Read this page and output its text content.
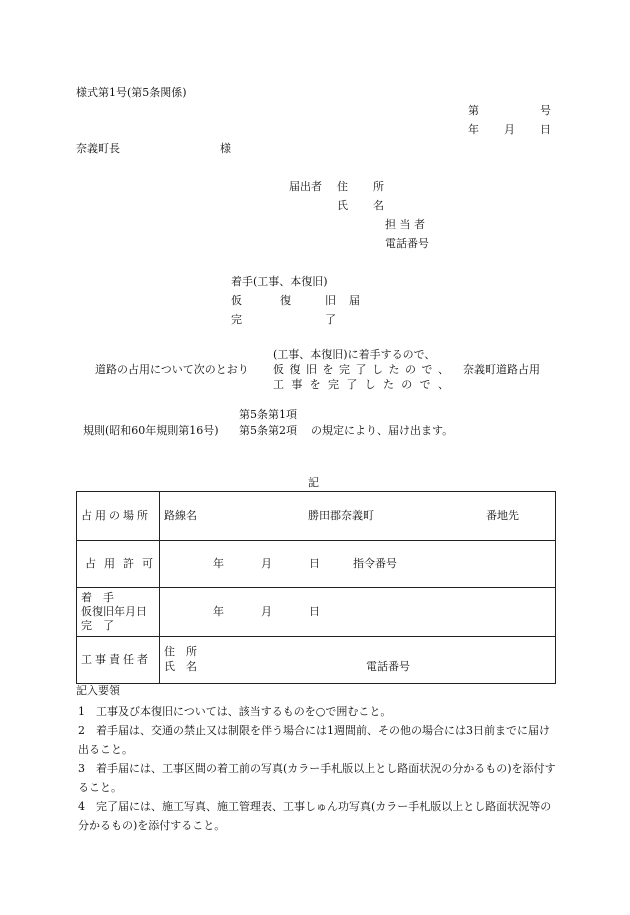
様式第1号(第5条関係)
第	号
年 月 日
奈義町長	様
届出者 住 所
氏 名
担 当 者
電話番号
着手(工事、本復旧)
仮	復	旧 届
完	了
(工事、本復旧)に着手するので、
道路の占用について次のとおり 仮 復 旧 を 完 了 し た の で 、 奈義町道路占用
工 事 を 完 了 し た の で 、
第5条第1項
規則(昭和60年規則第16号) 第5条第2項 の規定により、届け出ます。
記
占用の場所	路線名 勝田郡奈義町 番地先

占用許可	年 月 日 指令番号

着　手
仮復旧年月日
完　了	年 月 日

工事責任者	住　所
氏　名 電話番号
記入要領
1　工事及び本復旧については、該当するものを○で囲むこと。
2　着手届は、交通の禁止又は制限を伴う場合には1週間前、その他の場合には3日前までに届け出ること。
3　着手届には、工事区間の着工前の写真(カラー手札版以上とし路面状況の分かるもの)を添付すること。
4　完了届には、施工写真、施工管理表、工事しゅん功写真(カラー手札版以上とし路面状況等の分かるもの)を添付すること。
